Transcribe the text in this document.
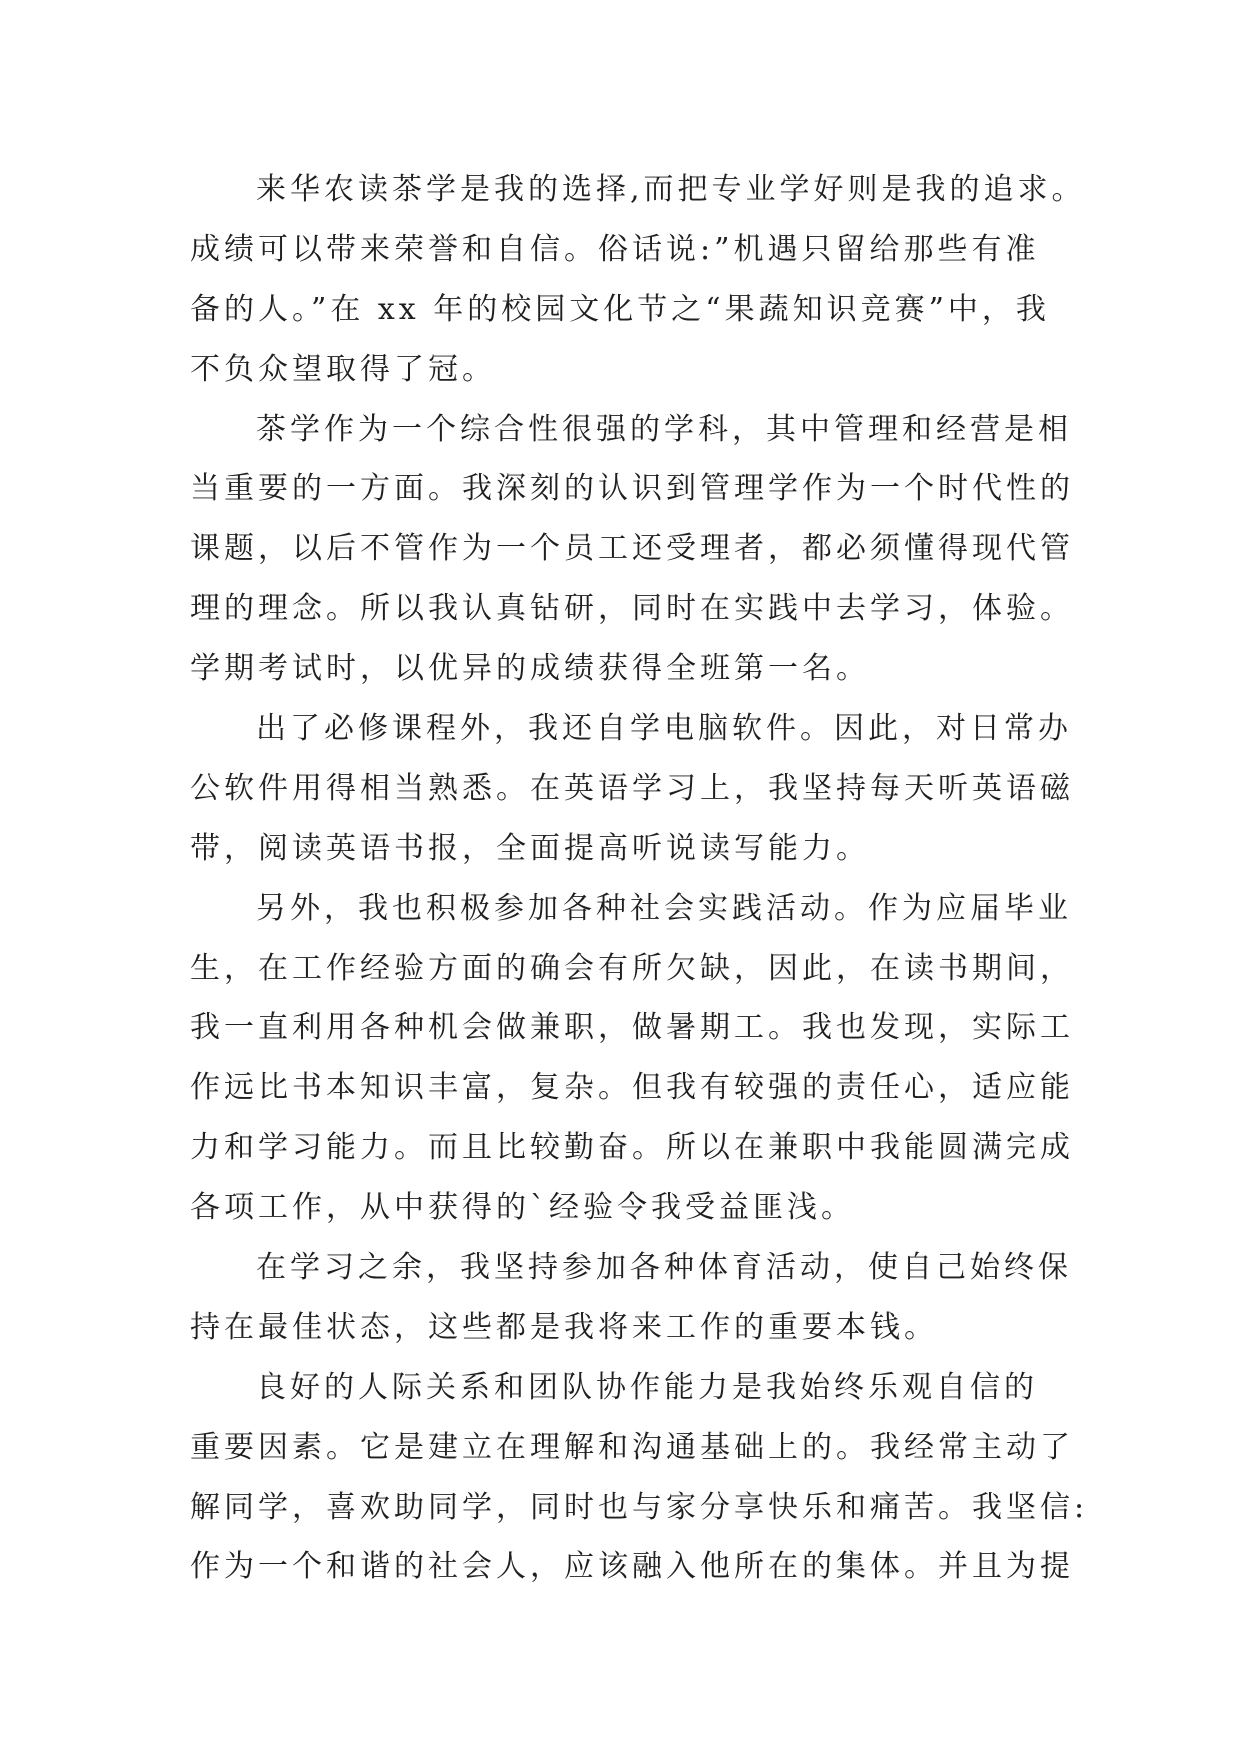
来华农读茶学是我的选择,而把专业学好则是我的追求。
成绩可以带来荣誉和自信。俗话说:”机遇只留给那些有准
备的人。”在 xx 年的校园文化节之“果蔬知识竞赛”中，我
不负众望取得了冠。
茶学作为一个综合性很强的学科，其中管理和经营是相
当重要的一方面。我深刻的认识到管理学作为一个时代性的
课题，以后不管作为一个员工还受理者，都必须懂得现代管
理的理念。所以我认真钻研，同时在实践中去学习，体验。
学期考试时，以优异的成绩获得全班第一名。
出了必修课程外，我还自学电脑软件。因此，对日常办
公软件用得相当熟悉。在英语学习上，我坚持每天听英语磁
带，阅读英语书报，全面提高听说读写能力。
另外，我也积极参加各种社会实践活动。作为应届毕业
生，在工作经验方面的确会有所欠缺，因此，在读书期间，
我一直利用各种机会做兼职，做暑期工。我也发现，实际工
作远比书本知识丰富，复杂。但我有较强的责任心，适应能
力和学习能力。而且比较勤奋。所以在兼职中我能圆满完成
各项工作，从中获得的`经验令我受益匪浅。
在学习之余，我坚持参加各种体育活动，使自己始终保
持在最佳状态，这些都是我将来工作的重要本钱。
良好的人际关系和团队协作能力是我始终乐观自信的
重要因素。它是建立在理解和沟通基础上的。我经常主动了
解同学，喜欢助同学，同时也与家分享快乐和痛苦。我坚信:
作为一个和谐的社会人，应该融入他所在的集体。并且为提
